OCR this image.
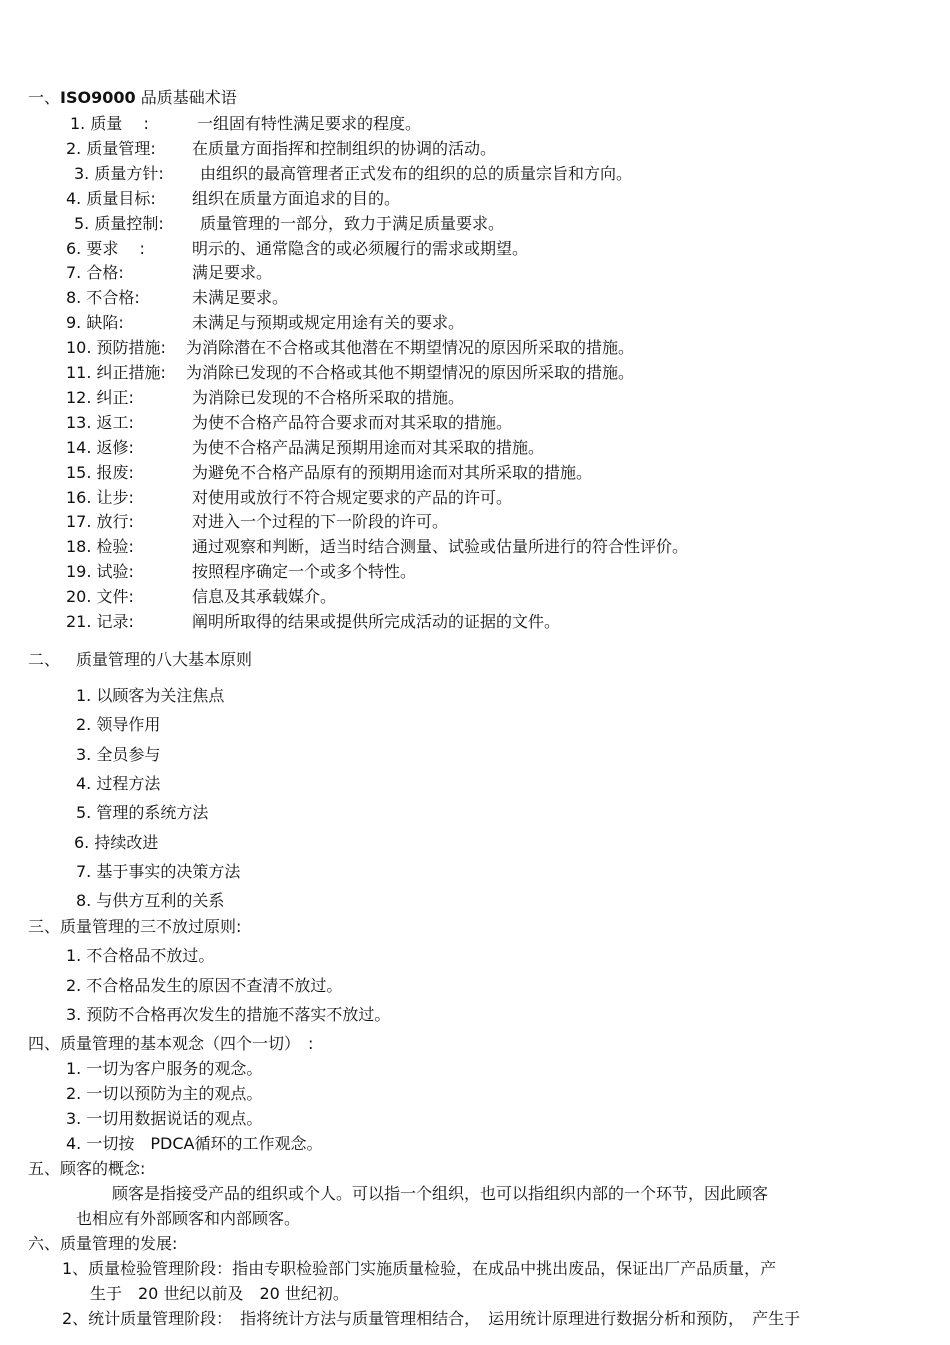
一、ISO9000 品质基础术语
1. 质量　 :	一组固有特性满足要求的程度。
2. 质量管理: 在质量方面指挥和控制组织的协调的活动。
3. 质量方针: 由组织的最高管理者正式发布的组织的总的质量宗旨和方向。
4. 质量目标: 组织在质量方面追求的目的。
5. 质量控制: 质量管理的一部分，致力于满足质量要求。
6. 要求　 :	明示的、通常隐含的或必须履行的需求或期望。
7. 合格:	满足要求。
8. 不合格:	未满足要求。
9. 缺陷:	未满足与预期或规定用途有关的要求。
10. 预防措施: 为消除潜在不合格或其他潜在不期望情况的原因所采取的措施。
11. 纠正措施: 为消除已发现的不合格或其他不期望情况的原因所采取的措施。
12. 纠正:	为消除已发现的不合格所采取的措施。
13. 返工:	为使不合格产品符合要求而对其采取的措施。
14. 返修:	为使不合格产品满足预期用途而对其采取的措施。
15. 报废:	为避免不合格产品原有的预期用途而对其所采取的措施。
16. 让步:	对使用或放行不符合规定要求的产品的许可。
17. 放行:	对进入一个过程的下一阶段的许可。
18. 检验:	通过观察和判断，适当时结合测量、试验或估量所进行的符合性评价。
19. 试验:	按照程序确定一个或多个特性。
20. 文件:	信息及其承载媒介。
21. 记录:	阐明所取得的结果或提供所完成活动的证据的文件。
二、 质量管理的八大基本原则
1. 以顾客为关注焦点
2. 领导作用
3. 全员参与
4. 过程方法
5. 管理的系统方法
6. 持续改进
7. 基于事实的决策方法
8. 与供方互利的关系
三、质量管理的三不放过原则:
1. 不合格品不放过。
2. 不合格品发生的原因不查清不放过。
3. 预防不合格再次发生的措施不落实不放过。
四、质量管理的基本观念（四个一切）　:
1. 一切为客户服务的观念。
2. 一切以预防为主的观点。
3. 一切用数据说话的观点。
4. 一切按　PDCA循环的工作观念。
五、顾客的概念:
顾客是指接受产品的组织或个人。可以指一个组织，也可以指组织内部的一个环节，因此顾客
也相应有外部顾客和内部顾客。
六、质量管理的发展:
1、质量检验管理阶段：指由专职检验部门实施质量检验，在成品中挑出废品，保证出厂产品质量，产
生于　20 世纪以前及　20 世纪初。
2、统计质量管理阶段：　指将统计方法与质量管理相结合，　运用统计原理进行数据分析和预防，　产生于
